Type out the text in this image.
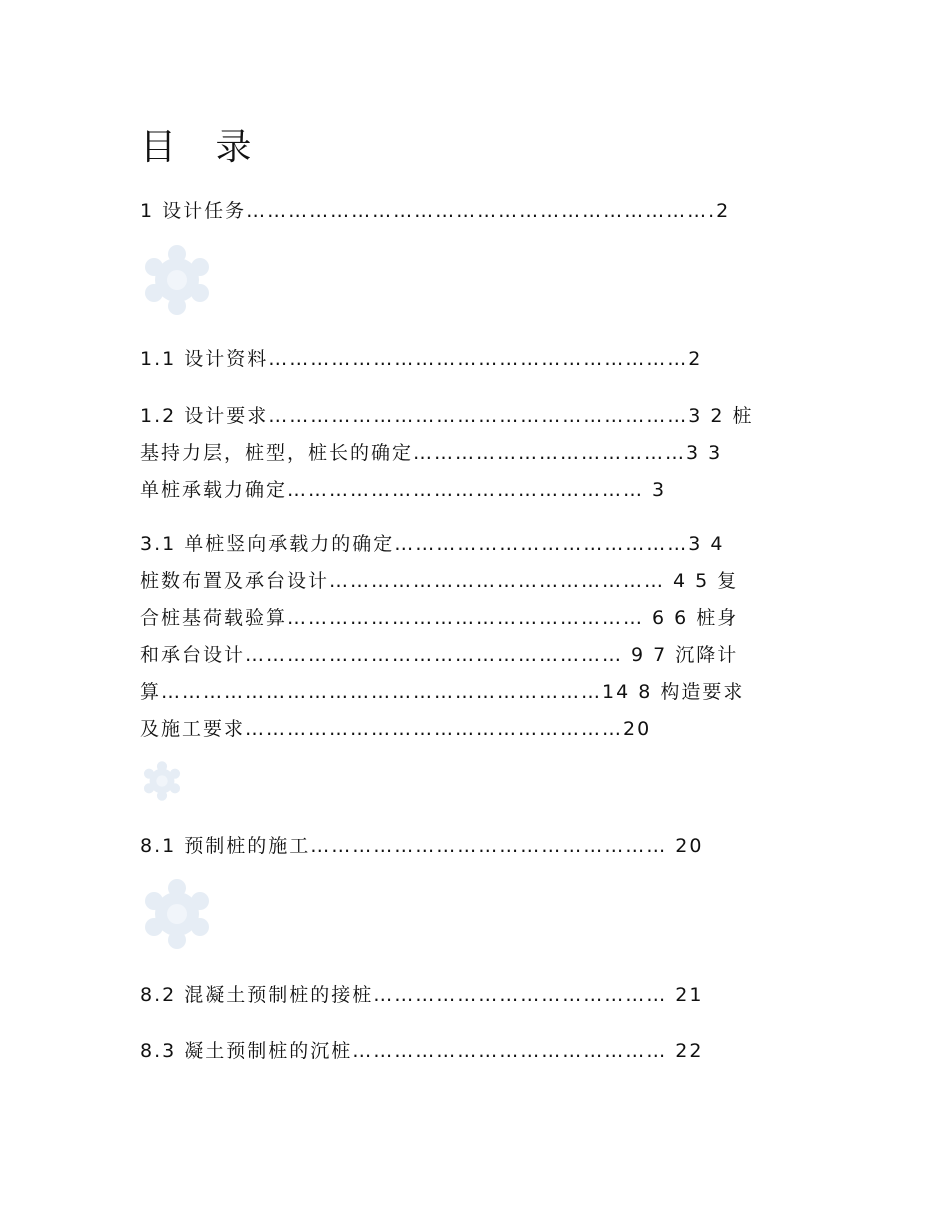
目 录
1 设计任务………………………………………………………….2
1.1 设计资料……………………………………………………2
1.2 设计要求……………………………………………………3 2 桩
基持力层，桩型，桩长的确定…………………………………3 3
单桩承载力确定…………………………………………… 3
3.1 单桩竖向承载力的确定……………………………………3 4
桩数布置及承台设计………………………………………… 4 5 复
合桩基荷载验算…………………………………………… 6 6 桩身
和承台设计……………………………………………… 9 7 沉降计
算………………………………………………………14 8 构造要求
及施工要求………………………………………………20
8.1 预制桩的施工…………………………………………… 20
8.2 混凝土预制桩的接桩…………………………………… 21
8.3 凝土预制桩的沉桩……………………………………… 22
